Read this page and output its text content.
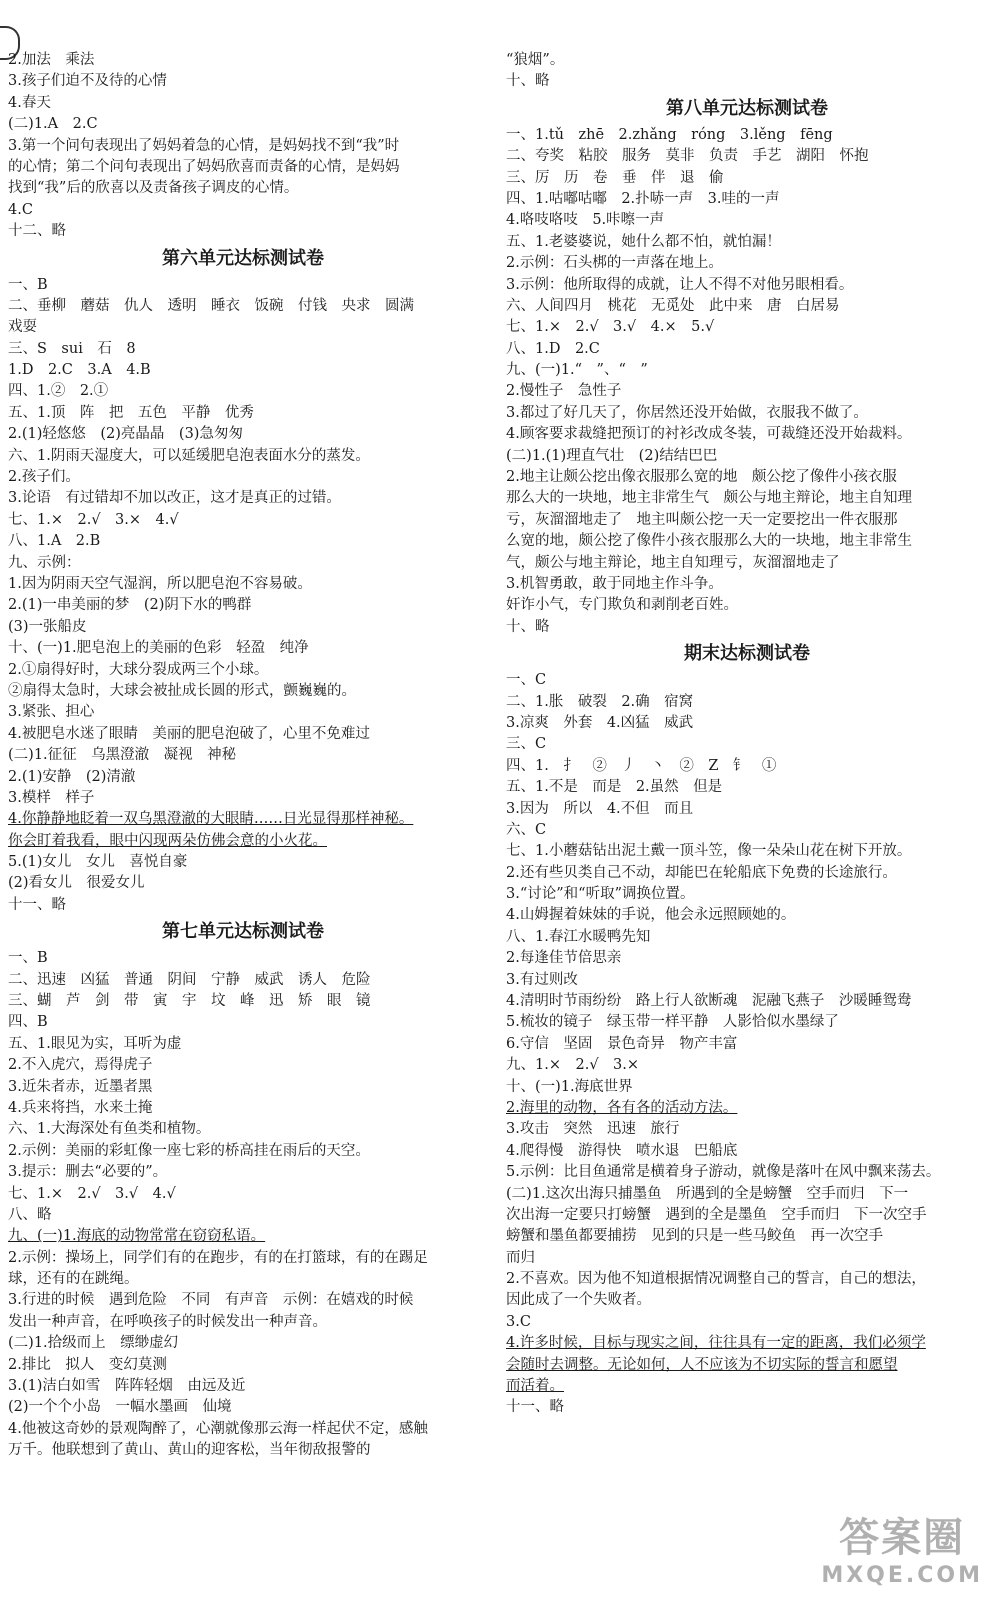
2.加法　乘法
3.孩子们迫不及待的心情
4.春天
(二)1.A　2.C
3.第一个问句表现出了妈妈着急的心情，是妈妈找不到“我”时
的心情；第二个问句表现出了妈妈欣喜而责备的心情，是妈妈
找到“我”后的欣喜以及责备孩子调皮的心情。
4.C
十二、略
第六单元达标测试卷
一、B
二、垂柳　蘑菇　仇人　透明　睡衣　饭碗　付钱　央求　圆满
戏耍
三、S　sui　石　8
1.D　2.C　3.A　4.B
四、1.②　2.①
五、1.顶　阵　把　五色　平静　优秀
2.(1)轻悠悠　(2)亮晶晶　(3)急匆匆
六、1.阴雨天湿度大，可以延缓肥皂泡表面水分的蒸发。
2.孩子们。
3.论语　有过错却不加以改正，这才是真正的过错。
七、1.×　2.√　3.×　4.√
八、1.A　2.B
九、示例：
1.因为阴雨天空气湿润，所以肥皂泡不容易破。
2.(1)一串美丽的梦　(2)阴下水的鸭群
(3)一张船皮
十、(一)1.肥皂泡上的美丽的色彩　轻盈　纯净
2.①扇得好时，大球分裂成两三个小球。
②扇得太急时，大球会被扯成长圆的形式，颤巍巍的。
3.紧张、担心
4.被肥皂水迷了眼睛　美丽的肥皂泡破了，心里不免难过
(二)1.征征　乌黑澄澈　凝视　神秘
2.(1)安静　(2)清澈
3.模样　样子
4.你静静地眨着一双乌黑澄澈的大眼睛……日光显得那样神秘。
你会盯着我看，眼中闪现两朵仿佛会意的小火花。
5.(1)女儿　女儿　喜悦自豪
(2)看女儿　很爱女儿
十一、略
第七单元达标测试卷
一、B
二、迅速　凶猛　普通　阴间　宁静　威武　诱人　危险
三、蝴　芦　剑　带　寅　宇　坟　峰　迅　矫　眼　镜
四、B
五、1.眼见为实，耳听为虚
2.不入虎穴，焉得虎子
3.近朱者赤，近墨者黑
4.兵来将挡，水来土掩
六、1.大海深处有鱼类和植物。
2.示例：美丽的彩虹像一座七彩的桥高挂在雨后的天空。
3.提示：删去“必要的”。
七、1.×　2.√　3.√　4.√
八、略
九、(一)1.海底的动物常常在窃窃私语。
2.示例：操场上，同学们有的在跑步，有的在打篮球，有的在踢足
球，还有的在跳绳。
3.行进的时候　遇到危险　不同　有声音　示例：在嬉戏的时候
发出一种声音，在呼唤孩子的时候发出一种声音。
(二)1.拾级而上　缥缈虚幻
2.排比　拟人　变幻莫测
3.(1)洁白如雪　阵阵轻烟　由远及近
(2)一个个小岛　一幅水墨画　仙境
4.他被这奇妙的景观陶醉了，心潮就像那云海一样起伏不定，感触
万千。他联想到了黄山、黄山的迎客松，当年彻敌报警的
“狼烟”。
十、略
第八单元达标测试卷
一、1.tǔ　zhē　2.zhǎng　róng　3.lěng　fēng
二、夸奖　粘胶　服务　莫非　负责　手艺　湖阳　怀抱
三、厉　历　卷　垂　伴　退　偷
四、1.咕嘟咕嘟　2.扑哧一声　3.哇的一声
4.咯吱咯吱　5.咔嚓一声
五、1.老婆婆说，她什么都不怕，就怕漏！
2.示例：石头梆的一声落在地上。
3.示例：他所取得的成就，让人不得不对他另眼相看。
六、人间四月　桃花　无觅处　此中来　唐　白居易
七、1.×　2.√　3.√　4.×　5.√
八、1.D　2.C
九、(一)1.“　”、“　”
2.慢性子　急性子
3.都过了好几天了，你居然还没开始做，衣服我不做了。
4.顾客要求裁缝把预订的衬衫改成冬装，可裁缝还没开始裁料。
(二)1.(1)理直气壮　(2)结结巴巴
2.地主让颇公挖出像衣服那么宽的地　颇公挖了像件小孩衣服
那么大的一块地，地主非常生气　颇公与地主辩论，地主自知理
亏，灰溜溜地走了　地主叫颇公挖一天一定要挖出一件衣服那
么宽的地，颇公挖了像件小孩衣服那么大的一块地，地主非常生
气，颇公与地主辩论，地主自知理亏，灰溜溜地走了
3.机智勇敢，敢于同地主作斗争。
奸诈小气，专门欺负和剥削老百姓。
十、略
期末达标测试卷
一、C
二、1.胀　破裂　2.确　宿窝
3.凉爽　外套　4.凶猛　威武
三、C
四、1.　扌　②　丿　丶　②　Z　钅　①
五、1.不是　而是　2.虽然　但是
3.因为　所以　4.不但　而且
六、C
七、1.小蘑菇钻出泥土戴一顶斗笠，像一朵朵山花在树下开放。
2.还有些贝类自己不动，却能巴在轮船底下免费的长途旅行。
3.“讨论”和“听取”调换位置。
4.山姆握着妹妹的手说，他会永远照顾她的。
八、1.春江水暖鸭先知
2.每逢佳节倍思亲
3.有过则改
4.清明时节雨纷纷　路上行人欲断魂　泥融飞燕子　沙暖睡鸳鸯
5.梳妆的镜子　绿玉带一样平静　人影恰似水墨绿了
6.守信　坚固　景色奇异　物产丰富
九、1.×　2.√　3.×
十、(一)1.海底世界
2.海里的动物，各有各的活动方法。
3.攻击　突然　迅速　旅行
4.爬得慢　游得快　喷水退　巴船底
5.示例：比目鱼通常是横着身子游动，就像是落叶在风中飘来荡去。
(二)1.这次出海只捕墨鱼　所遇到的全是螃蟹　空手而归　下一
次出海一定要只打螃蟹　遇到的全是墨鱼　空手而归　下一次空手
螃蟹和墨鱼都要捕捞　见到的只是一些马鲛鱼　再一次空手
而归
2.不喜欢。因为他不知道根据情况调整自己的誓言，自己的想法，
因此成了一个失败者。
3.C
4.许多时候，目标与现实之间，往往具有一定的距离，我们必须学
会随时去调整。无论如何，人不应该为不切实际的誓言和愿望
而活着。
十一、略
答案圈
MXQE.COM
